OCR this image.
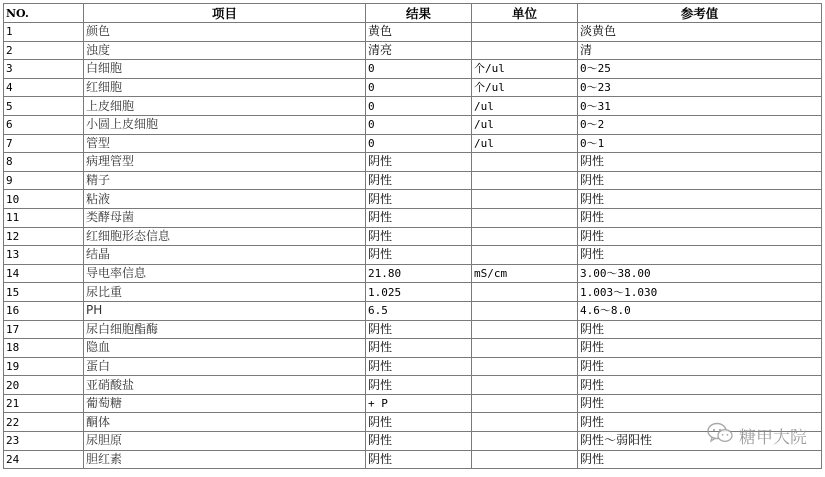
NO.	项目	结果	单位	参考值
1	颜色	黄色		淡黄色
2	浊度	清亮		清
3	白细胞	0	个/ul	0～25
4	红细胞	0	个/ul	0～23
5	上皮细胞	0	/ul	0～31
6	小圆上皮细胞	0	/ul	0～2
7	管型	0	/ul	0～1
8	病理管型	阴性		阴性
9	精子	阴性		阴性
10	粘液	阴性		阴性
11	类酵母菌	阴性		阴性
12	红细胞形态信息	阴性		阴性
13	结晶	阴性		阴性
14	导电率信息	21.80	mS/cm	3.00～38.00
15	尿比重	1.025		1.003～1.030
16	PH	6.5		4.6～8.0
17	尿白细胞酯酶	阴性		阴性
18	隐血	阴性		阴性
19	蛋白	阴性		阴性
20	亚硝酸盐	阴性		阴性
21	葡萄糖	+ P		阴性
22	酮体	阴性		阴性
23	尿胆原	阴性		阴性～弱阳性
24	胆红素	阴性		阴性
糖甲大院
